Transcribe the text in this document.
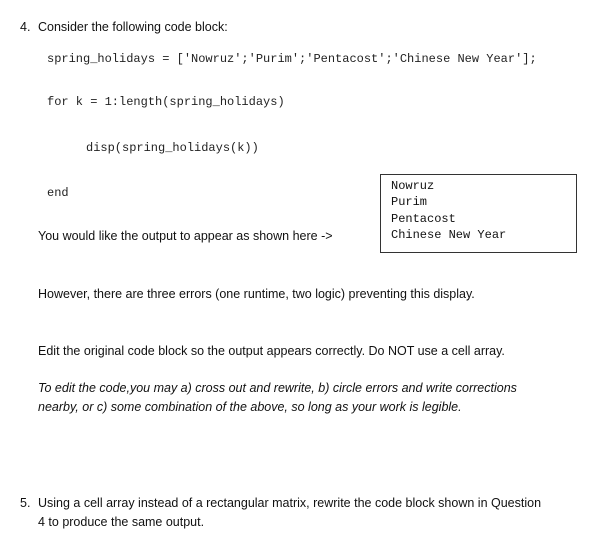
4. Consider the following code block:
spring_holidays = ['Nowruz';'Purim';'Pentacost';'Chinese New Year'];
for k = 1:length(spring_holidays)
disp(spring_holidays(k))
end
You would like the output to appear as shown here ->
Nowruz
Purim
Pentacost
Chinese New Year
However, there are three errors (one runtime, two logic) preventing this display.
Edit the original code block so the output appears correctly. Do NOT use a cell array.
To edit the code,you may a) cross out and rewrite, b) circle errors and write corrections
nearby, or c) some combination of the above, so long as your work is legible.
5. Using a cell array instead of a rectangular matrix, rewrite the code block shown in Question
4 to produce the same output.
